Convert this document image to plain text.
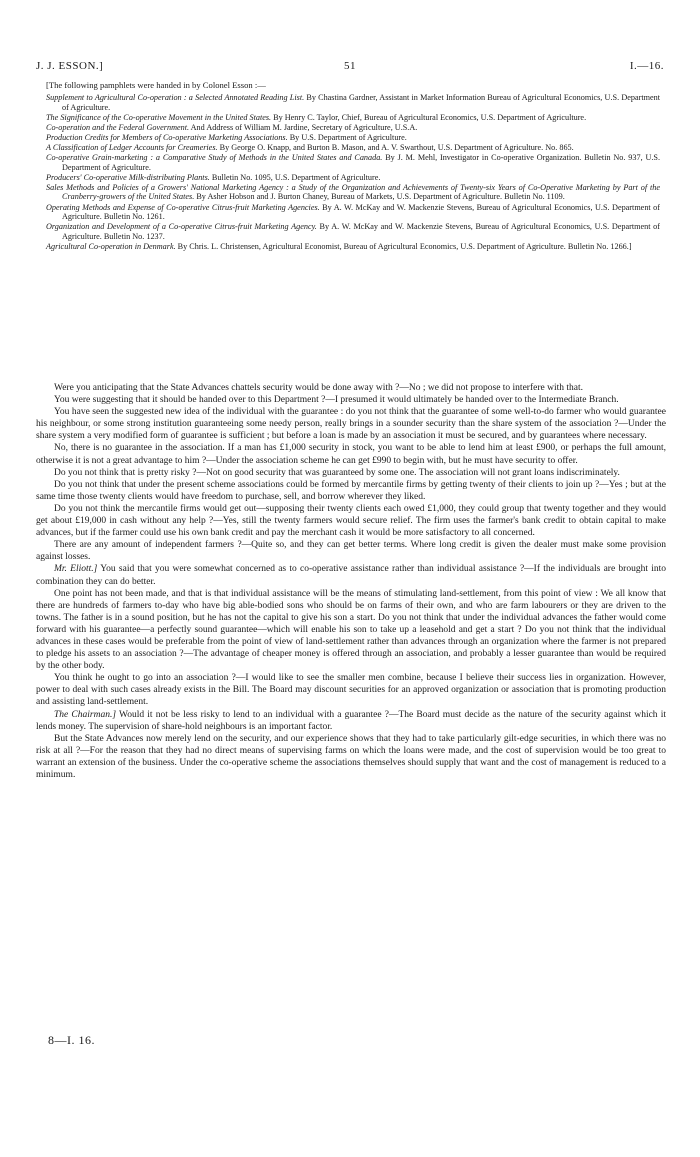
J. J. ESSON.]	51	I.—16.
[The following pamphlets were handed in by Colonel Esson :—

Supplement to Agricultural Co-operation : a Selected Annotated Reading List. By Chastina Gardner, Assistant in Market Information Bureau of Agricultural Economics, U.S. Department of Agriculture.

The Significance of the Co-operative Movement in the United States. By Henry C. Taylor, Chief, Bureau of Agricultural Economics, U.S. Department of Agriculture.

Co-operation and the Federal Government. And Address of William M. Jardine, Secretary of Agriculture, U.S.A.

Production Credits for Members of Co-operative Marketing Associations. By U.S. Department of Agriculture.

A Classification of Ledger Accounts for Creameries. By George O. Knapp, and Burton B. Mason, and A. V. Swarthout, U.S. Department of Agriculture. No. 865.

Co-operative Grain-marketing : a Comparative Study of Methods in the United States and Canada. By J. M. Mehl, Investigator in Co-operative Organization. Bulletin No. 937, U.S. Department of Agriculture.

Producers' Co-operative Milk-distributing Plants. Bulletin No. 1095, U.S. Department of Agriculture.

Sales Methods and Policies of a Growers' National Marketing Agency : a Study of the Organization and Achievements of Twenty-six Years of Co-Operative Marketing by Part of the Cranberry-growers of the United States. By Asher Hobson and J. Burton Chaney, Bureau of Markets, U.S. Department of Agriculture. Bulletin No. 1109.

Operating Methods and Expense of Co-operative Citrus-fruit Marketing Agencies. By A. W. McKay and W. Mackenzie Stevens, Bureau of Agricultural Economics, U.S. Department of Agriculture. Bulletin No. 1261.

Organization and Development of a Co-operative Citrus-fruit Marketing Agency. By A. W. McKay and W. Mackenzie Stevens, Bureau of Agricultural Economics, U.S. Department of Agriculture. Bulletin No. 1237.

Agricultural Co-operation in Denmark. By Chris. L. Christensen, Agricultural Economist, Bureau of Agricultural Economics, U.S. Department of Agriculture. Bulletin No. 1266.]

Were you anticipating that the State Advances chattels security would be done away with ?—No ; we did not propose to interfere with that.

You were suggesting that it should be handed over to this Department ?—I presumed it would ultimately be handed over to the Intermediate Branch.

You have seen the suggested new idea of the individual with the guarantee : do you not think that the guarantee of some well-to-do farmer who would guarantee his neighbour, or some strong institution guaranteeing some needy person, really brings in a sounder security than the share system of the association ?—Under the share system a very modified form of guarantee is sufficient ; but before a loan is made by an association it must be secured, and by guarantees where necessary.

No, there is no guarantee in the association. If a man has £1,000 security in stock, you want to be able to lend him at least £900, or perhaps the full amount, otherwise it is not a great advantage to him ?—Under the association scheme he can get £990 to begin with, but he must have security to offer.

Do you not think that is pretty risky ?—Not on good security that was guaranteed by some one. The association will not grant loans indiscriminately.

Do you not think that under the present scheme associations could be formed by mercantile firms by getting twenty of their clients to join up ?—Yes ; but at the same time those twenty clients would have freedom to purchase, sell, and borrow wherever they liked.

Do you not think the mercantile firms would get out—supposing their twenty clients each owed £1,000, they could group that twenty together and they would get about £19,000 in cash without any help ?—Yes, still the twenty farmers would secure relief. The firm uses the farmer's bank credit to obtain capital to make advances, but if the farmer could use his own bank credit and pay the merchant cash it would be more satisfactory to all concerned.

There are any amount of independent farmers ?—Quite so, and they can get better terms. Where long credit is given the dealer must make some provision against losses.

Mr. Eliott.] You said that you were somewhat concerned as to co-operative assistance rather than individual assistance ?—If the individuals are brought into combination they can do better.

One point has not been made, and that is that individual assistance will be the means of stimulating land-settlement, from this point of view : We all know that there are hundreds of farmers to-day who have big able-bodied sons who should be on farms of their own, and who are farm labourers or they are driven to the towns. The father is in a sound position, but he has not the capital to give his son a start. Do you not think that under the individual advances the father would come forward with his guarantee—a perfectly sound guarantee—which will enable his son to take up a leasehold and get a start ? Do you not think that the individual advances in these cases would be preferable from the point of view of land-settlement rather than advances through an organization where the farmer is not prepared to pledge his assets to an association ?—The advantage of cheaper money is offered through an association, and probably a lesser guarantee than would be required by the other body.

You think he ought to go into an association ?—I would like to see the smaller men combine, because I believe their success lies in organization. However, power to deal with such cases already exists in the Bill. The Board may discount securities for an approved organization or association that is promoting production and assisting land-settlement.

The Chairman.] Would it not be less risky to lend to an individual with a guarantee ?—The Board must decide as the nature of the security against which it lends money. The supervision of share-hold neighbours is an important factor.

But the State Advances now merely lend on the security, and our experience shows that they had to take particularly gilt-edge securities, in which there was no risk at all ?—For the reason that they had no direct means of supervising farms on which the loans were made, and the cost of supervision would be too great to warrant an extension of the business. Under the co-operative scheme the associations themselves should supply that want and the cost of management is reduced to a minimum.

8—I. 16.
